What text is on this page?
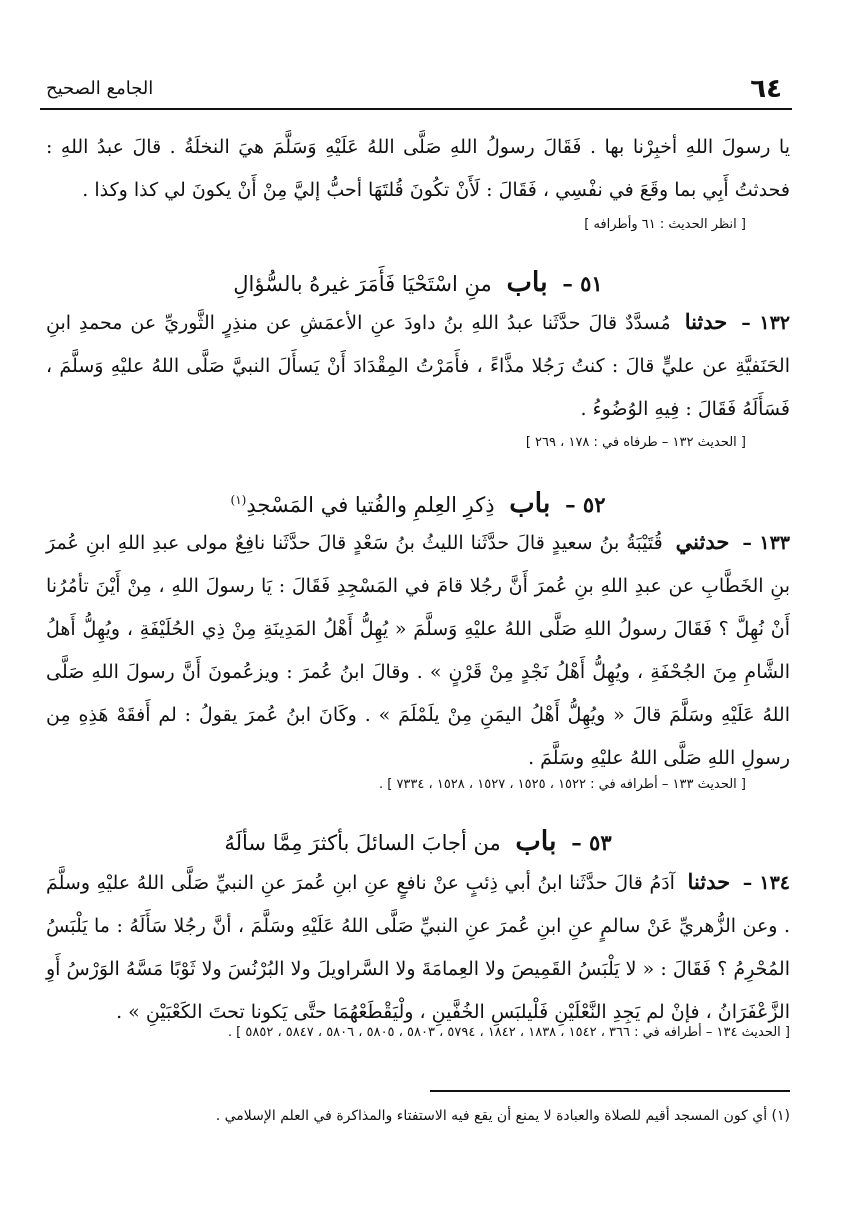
٦٤
الجامع الصحيح
يا رسولَ اللهِ أخبِرْنا بها . فَقَالَ رسولُ اللهِ صَلَّى اللهُ عَلَيْهِ وَسَلَّمَ هيَ النخلَةُ . قالَ عبدُ اللهِ : فحدثتُ أَبِي بما وقَعَ في نفْسِي ، فَقَالَ : لَأَنْ تكُونَ قُلتَهَا أحبُّ إليَّ مِنْ أَنْ يكونَ لي كذا وكذا .
[ انظر الحديث : ٦١ وأطرافه ]
٥١ – باب منِ اسْتَحْيَا فَأَمَرَ غيرهُ بالسُّؤالِ
١٣٢ – حدثنا مُسدَّدٌ قالَ حدَّثَنا عبدُ اللهِ بنُ داودَ عنِ الأعمَشِ عن منذِرٍ الثَّوريِّ عن محمدِ ابنِ الحَنَفيَّةِ عن عليٍّ قالَ : كنتُ رَجُلا مذَّاءً ، فأَمَرْتُ المِقْدَادَ أَنْ يَسأَلَ النبيَّ صَلَّى اللهُ عليْهِ وَسلَّمَ ، فَسَأَلَهُ فَقَالَ : فِيهِ الوُضُوءُ .
[ الحديث ١٣٢ – طرفاه في : ١٧٨ ، ٢٦٩ ]
٥٢ – باب ذِكرِ العِلمِ والفُتيا في المَسْجدِ$^{(١)}$
١٣٣ – حدثني قُتَيْبَةُ بنُ سعيدٍ قالَ حدَّثَنا الليثُ بنُ سَعْدٍ قالَ حدَّثَنا نافِعٌ مولى عبدِ اللهِ ابنِ عُمرَ بنِ الخَطَّابِ عن عبدِ اللهِ بنِ عُمرَ أَنَّ رجُلا قامَ في المَسْجِدِ فَقَالَ : يَا رسولَ اللهِ ، مِنْ أَيْنَ تأمُرُنا أَنْ نُهِلَّ ؟ فَقَالَ رسولُ اللهِ صَلَّى اللهُ عليْهِ وَسلَّمَ « يُهِلُّ أَهْلُ المَدِينَةِ مِنْ ذِي الحُلَيْفَةِ ، ويُهِلُّ أَهلُ الشَّامِ مِنَ الجُحْفَةِ ، ويُهِلُّ أَهْلُ نَجْدٍ مِنْ قَرْنٍ » . وقالَ ابنُ عُمرَ : ويزعُمونَ أَنَّ رسولَ اللهِ صَلَّى اللهُ عَلَيْهِ وسَلَّمَ قالَ « ويُهِلُّ أَهْلُ اليمَنِ مِنْ يلَمْلَمَ » . وكَانَ ابنُ عُمرَ يقولُ : لم أَفقَهْ هَذِهِ مِن رسولِ اللهِ صَلَّى اللهُ عليْهِ وسَلَّمَ .
[ الحديث ١٣٣ – أطرافه في : ١٥٢٢ ، ١٥٢٥ ، ١٥٢٧ ، ١٥٢٨ ، ٧٣٣٤ ] .
٥٣ – باب من أجابَ السائلَ بأكثرَ مِمَّا سألَهُ
١٣٤ – حدثنا آدَمُ قالَ حدَّثَنا ابنُ أبي ذِئبٍ عنْ نافعٍ عنِ ابنِ عُمرَ عنِ النبيِّ صَلَّى اللهُ عليْهِ وسلَّمَ . وعن الزُّهريِّ عَنْ سالمٍ عنِ ابنِ عُمرَ عنِ النبيِّ صَلَّى اللهُ عَلَيْهِ وسَلَّمَ ، أنَّ رجُلا سَأَلَهُ : ما يَلْبَسُ المُحْرِمُ ؟ فَقَالَ : « لا يَلْبَسُ القَمِيصَ ولا العِمامَةَ ولا السَّراويلَ ولا البُرْنُسَ ولا ثَوْبًا مَسَّهُ الوَرْسُ أَوِ الزَّعْفَرَانُ ، فإنْ لم يَجِدِ النَّعْلَيْنِ فَلْيلبَسِ الخُفَّينِ ، ولْيَقْطَعْهُمَا حتَّى يَكونا تحتَ الكَعْبَيْنِ » .
[ الحديث ١٣٤ – أطرافه في : ٣٦٦ ، ١٥٤٢ ، ١٨٣٨ ، ١٨٤٢ ، ٥٧٩٤ ، ٥٨٠٣ ، ٥٨٠٥ ، ٥٨٠٦ ، ٥٨٤٧ ، ٥٨٥٢ ] .
(١) أي كون المسجد أقيم للصلاة والعبادة لا يمنع أن يقع فيه الاستفتاء والمذاكرة في العلم الإسلامي .
